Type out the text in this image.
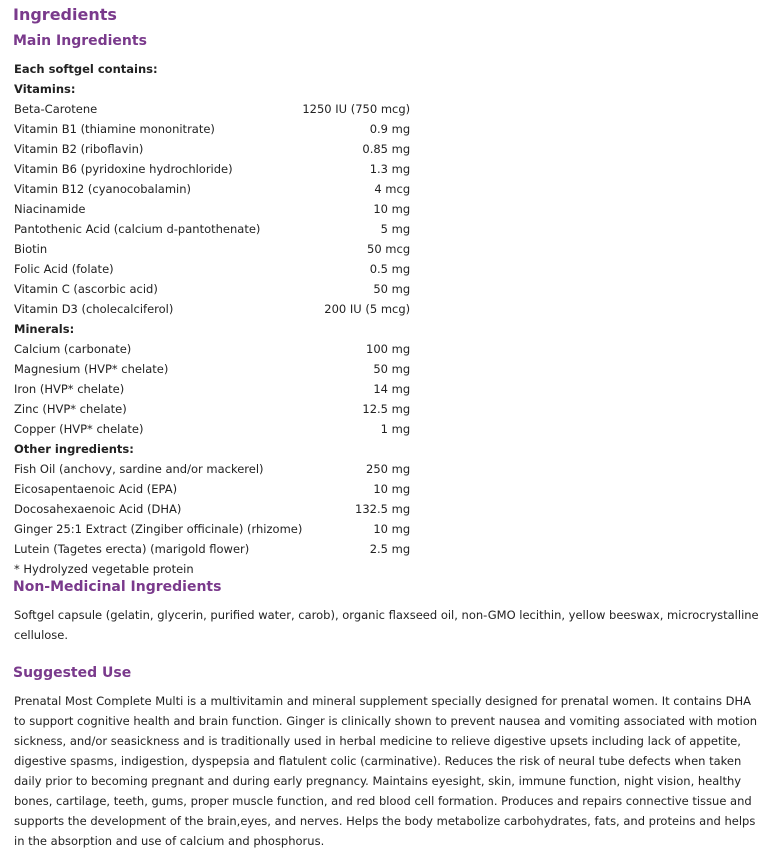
Ingredients
Main Ingredients
Each softgel contains:	
Vitamins:	
Beta-Carotene	1250 IU (750 mcg)
Vitamin B1 (thiamine mononitrate)	0.9 mg
Vitamin B2 (riboflavin)	0.85 mg
Vitamin B6 (pyridoxine hydrochloride)	1.3 mg
Vitamin B12 (cyanocobalamin)	4 mcg
Niacinamide	10 mg
Pantothenic Acid (calcium d-pantothenate)	5 mg
Biotin	50 mcg
Folic Acid (folate)	0.5 mg
Vitamin C (ascorbic acid)	50 mg
Vitamin D3 (cholecalciferol)	200 IU (5 mcg)
Minerals:	
Calcium (carbonate)	100 mg
Magnesium (HVP* chelate)	50 mg
Iron (HVP* chelate)	14 mg
Zinc (HVP* chelate)	12.5 mg
Copper (HVP* chelate)	1 mg
Other ingredients:	
Fish Oil (anchovy, sardine and/or mackerel)	250 mg
Eicosapentaenoic Acid (EPA)	10 mg
Docosahexaenoic Acid (DHA)	132.5 mg
Ginger 25:1 Extract (Zingiber officinale) (rhizome)	10 mg
Lutein (Tagetes erecta) (marigold flower)	2.5 mg
* Hydrolyzed vegetable protein
Non-Medicinal Ingredients

Softgel capsule (gelatin, glycerin, purified water, carob), organic flaxseed oil, non-GMO lecithin, yellow beeswax, microcrystalline cellulose.

Suggested Use

Prenatal Most Complete Multi is a multivitamin and mineral supplement specially designed for prenatal women. It contains DHA to support cognitive health and brain function. Ginger is clinically shown to prevent nausea and vomiting associated with motion sickness, and/or seasickness and is traditionally used in herbal medicine to relieve digestive upsets including lack of appetite, digestive spasms, indigestion, dyspepsia and flatulent colic (carminative). Reduces the risk of neural tube defects when taken daily prior to becoming pregnant and during early pregnancy. Maintains eyesight, skin, immune function, night vision, healthy bones, cartilage, teeth, gums, proper muscle function, and red blood cell formation. Produces and repairs connective tissue and supports the development of the brain,eyes, and nerves. Helps the body metabolize carbohydrates, fats, and proteins and helps in the absorption and use of calcium and phosphorus.
